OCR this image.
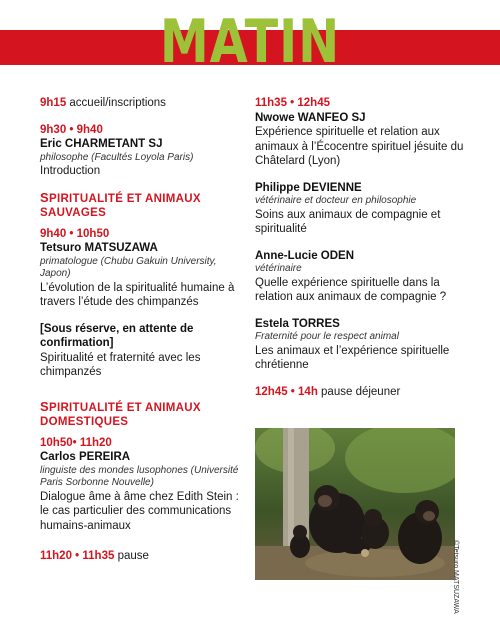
MATIN
9h15 accueil/inscriptions
9h30 • 9h40
Eric CHARMETANT SJ
philosophe (Facultés Loyola Paris)
Introduction
SPIRITUALITÉ ET ANIMAUX SAUVAGES
9h40 • 10h50
Tetsuro MATSUZAWA
primatologue (Chubu Gakuin University, Japon)
L’évolution de la spiritualité humaine à travers l’étude des chimpanzés
[Sous réserve, en attente de confirmation]
Spiritualité et fraternité avec les chimpanzés
SPIRITUALITÉ ET ANIMAUX DOMESTIQUES
10h50• 11h20
Carlos PEREIRA
linguiste des mondes lusophones (Université Paris Sorbonne Nouvelle)
Dialogue âme à âme chez Edith Stein : le cas particulier des communications humains-animaux
11h20 • 11h35 pause
11h35 • 12h45
Nwowe WANFEO SJ
Expérience spirituelle et relation aux animaux à l’Écocentre spirituel jésuite du Châtelard (Lyon)
Philippe DEVIENNE
vétérinaire et docteur en philosophie
Soins aux animaux de compagnie et spiritualité
Anne-Lucie ODEN
vétérinaire
Quelle expérience spirituelle dans la relation aux animaux de compagnie ?
Estela TORRES
Fraternité pour le respect animal
Les animaux et l’expérience spirituelle chrétienne
12h45 • 14h pause déjeuner
©Tetsuro MATSUZAWA
